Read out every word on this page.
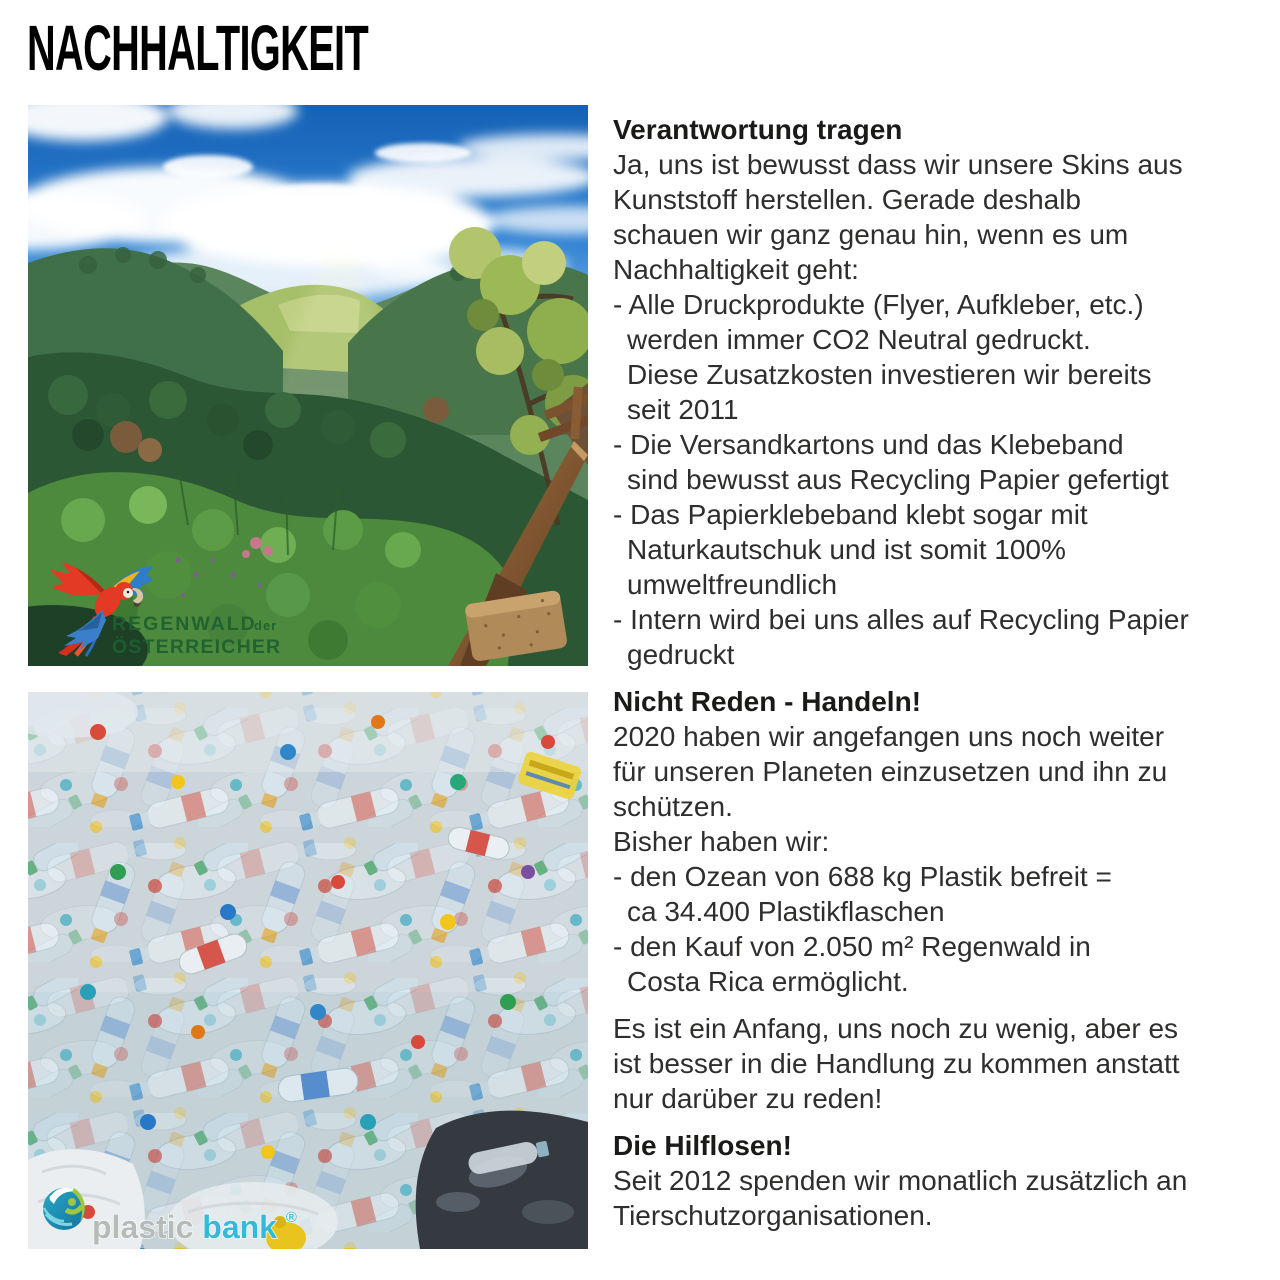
NACHHALTIGKEIT
REGENWALD
der
ÖSTERREICHER
plastic bank ®
Verantwortung tragen
Ja, uns ist bewusst dass wir unsere Skins aus
Kunststoff herstellen. Gerade deshalb
schauen wir ganz genau hin, wenn es um
Nachhaltigkeit geht:
- Alle Druckprodukte (Flyer, Aufkleber, etc.)
werden immer CO2 Neutral gedruckt.
Diese Zusatzkosten investieren wir bereits
seit 2011
- Die Versandkartons und das Klebeband
sind bewusst aus Recycling Papier gefertigt
- Das Papierklebeband klebt sogar mit
Naturkautschuk und ist somit 100%
umweltfreundlich
- Intern wird bei uns alles auf Recycling Papier
gedruckt
Nicht Reden - Handeln!
2020 haben wir angefangen uns noch weiter
für unseren Planeten einzusetzen und ihn zu
schützen.
Bisher haben wir:
- den Ozean von 688 kg Plastik befreit =
ca 34.400 Plastikflaschen
- den Kauf von 2.050 m² Regenwald in
Costa Rica ermöglicht.
Es ist ein Anfang, uns noch zu wenig, aber es
ist besser in die Handlung zu kommen anstatt
nur darüber zu reden!
Die Hilflosen!
Seit 2012 spenden wir monatlich zusätzlich an
Tierschutzorganisationen.
